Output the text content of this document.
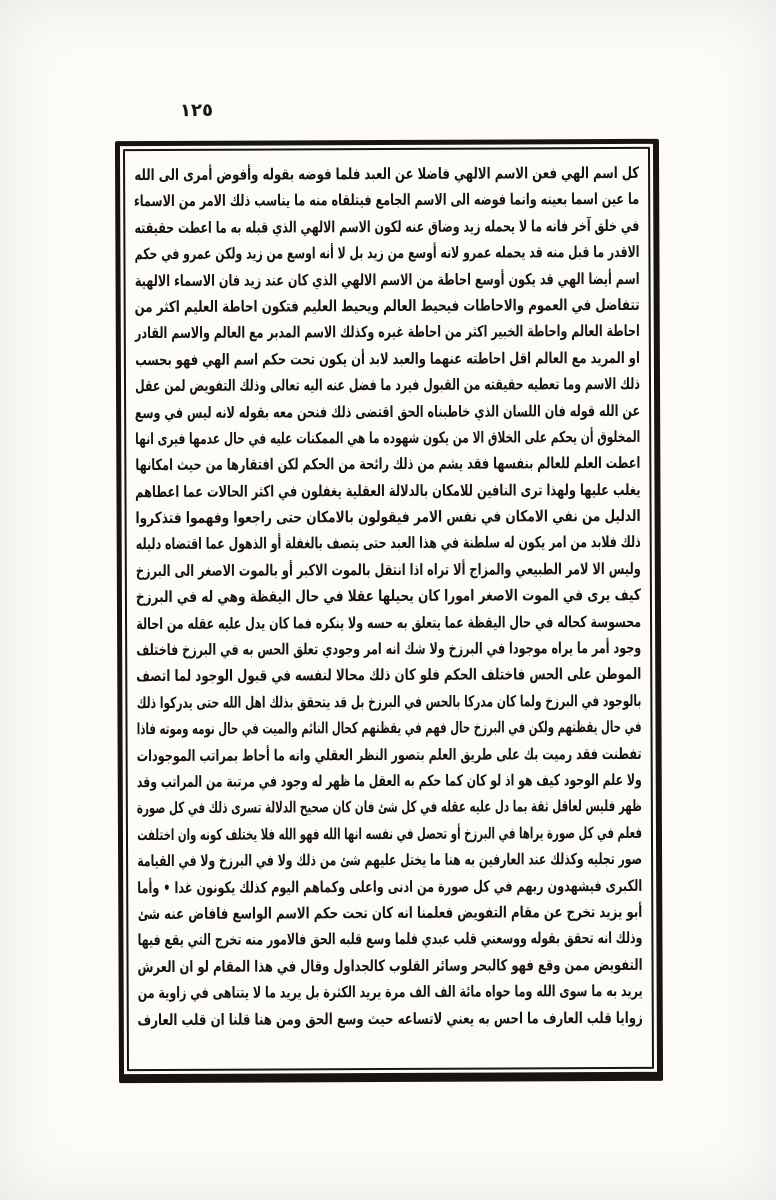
١٢٥
كل اسم الهي فعن الاسم الالهي فاضلا عن العبد فلما فوضه بقوله وأفوض أمرى الى الله
ما عين اسما بعينه وانما فوضه الى الاسم الجامع فيتلقاه منه ما يناسب ذلك الامر من الاسماء
في خلق آخر فانه ما لا يحمله زيد وضاق عنه لكون الاسم الالهي الذي قبله به ما اعطت حقيقته
الاقدر ما قبل منه قد يحمله عمرو لانه أوسع من زيد بل لا أنه اوسع من زيد ولكن عمرو في حكم
اسم أيضا الهي قد يكون أوسع احاطة من الاسم الالهي الذي كان عند زيد فان الاسماء الالهية
تتفاضل في العموم والاحاطات فيحيط العالم ويحيط العليم فتكون احاطة العليم اكثر من
احاطة العالم واحاطة الخبير اكثر من احاطة غيره وكذلك الاسم المدبر مع العالم والاسم القادر
او المريد مع العالم اقل احاطته عنهما والعبد لابد أن يكون تحت حكم اسم الهي فهو بحسب
ذلك الاسم وما تعطيه حقيقته من القبول فيرد ما فضل عنه اليه تعالى وذلك التفويض لمن عقل
عن الله قوله فان اللسان الذي خاطبناه الحق اقتضى ذلك فنحن معه بقوله لانه ليس في وسع
المخلوق أن يحكم على الخلاق الا من يكون شهوده ما هي الممكنات عليه في حال عدمها فيرى انها
اعطت العلم للعالم بنفسها فقد يشم من ذلك رائحة من الحكم لكن افتقارها من حيث امكانها
يغلب عليها ولهذا ترى النافين للامكان بالدلالة العقلية يغفلون في اكثر الحالات عما اعطاهم
الدليل من نفي الامكان في نفس الامر فيقولون بالامكان حتى راجعوا وفهموا فتذكروا
ذلك فلابد من امر يكون له سلطنة في هذا العبد حتى يتصف بالغفلة أو الذهول عما اقتضاه دليله
وليس الا لامر الطبيعي والمزاج ألا تراه اذا انتقل بالموت الاكبر أو بالموت الاصغر الى البرزخ
كيف يرى في الموت الاصغر امورا كان يحيلها عقلا في حال اليقظة وهي له في البرزخ
محسوسة كحاله في حال اليقظة عما يتعلق به حسه ولا ينكره فما كان يدل عليه عقله من احالة
وجود أمر ما يراه موجودا في البرزخ ولا شك انه امر وجودي تعلق الحس به في البرزخ فاختلف
الموطن على الحس فاختلف الحكم فلو كان ذلك محالا لنفسه في قبول الوجود لما اتصف
بالوجود في البرزخ ولما كان مدركا بالحس في البرزخ بل قد يتحقق بذلك اهل الله حتى يدركوا ذلك
في حال يقظتهم ولكن في البرزخ حال فهم في يقظتهم كحال النائم والميت في حال نومه وموته فاذا
تفطنت فقد رميت بك على طريق العلم بتصور النظر العقلي وانه ما أحاط بمراتب الموجودات
ولا علم الوجود كيف هو اذ لو كان كما حكم به العقل ما ظهر له وجود في مرتبة من المراتب وقد
ظهر فليس لعاقل ثقة بما دل عليه عقله في كل شئ فان كان صحيح الدلالة تسرى ذلك في كل صورة
فعلم في كل صورة يراها في البرزخ أو تحصل في نفسه انها الله فهو الله فلا يختلف كونه وان اختلفت
صور تجليه وكذلك عند العارفين به هنا ما يختل عليهم شئ من ذلك ولا في البرزخ ولا في القيامة
الكبرى فيشهدون ربهم في كل صورة من ادنى واعلى وكماهم اليوم كذلك يكونون غدا • وأما
أبو يزيد تخرج عن مقام التفويض فعلمنا انه كان تحت حكم الاسم الواسع فافاض عنه شئ
وذلك انه تحقق بقوله ووسعني قلب عبدي فلما وسع قلبه الحق فالامور منه تخرج التي يقع فيها
التفويض ممن وقع فهو كالبحر وسائر القلوب كالجداول وقال في هذا المقام لو ان العرش
يريد به ما سوى الله وما حواه مائة الف الف مرة يريد الكثرة بل يريد ما لا يتناهى في زاوية من
زوايا قلب العارف ما احس به يعني لاتساعه حيث وسع الحق ومن هنا قلنا ان قلب العارف
